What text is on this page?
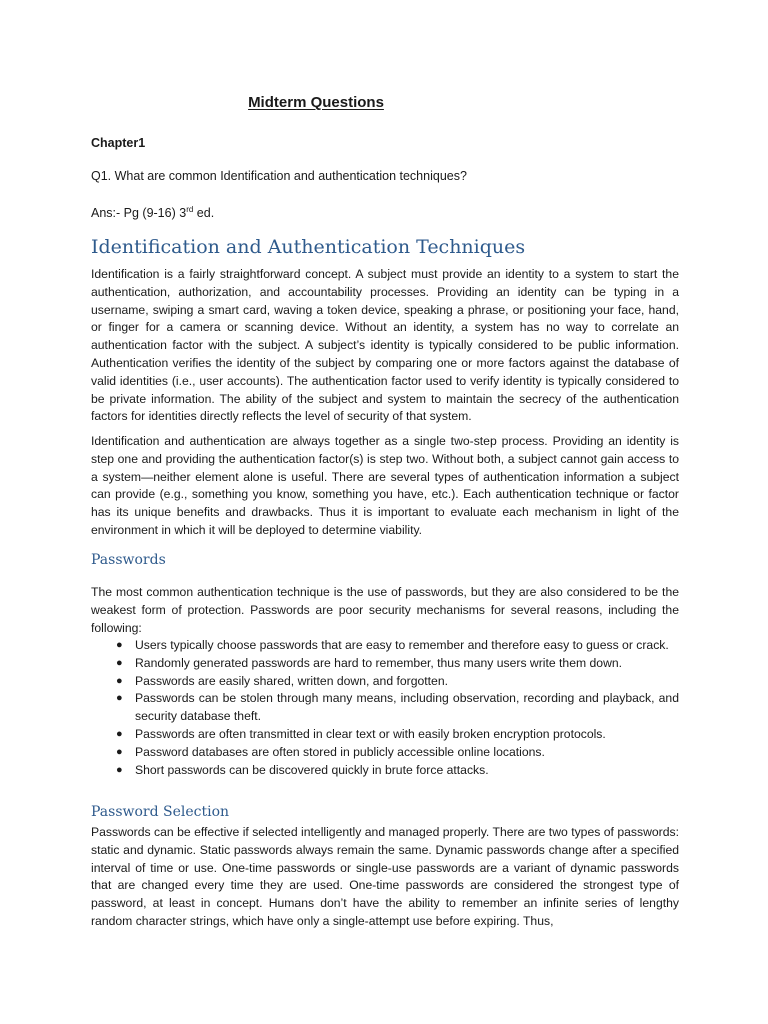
Midterm Questions
Chapter1
Q1. What are common Identification and authentication techniques?
Ans:- Pg (9-16) 3rd ed.
Identification and Authentication Techniques

Identification is a fairly straightforward concept. A subject must provide an identity to a system to start the authentication, authorization, and accountability processes. Providing an identity can be typing in a username, swiping a smart card, waving a token device, speaking a phrase, or positioning your face, hand, or finger for a camera or scanning device. Without an identity, a system has no way to correlate an authentication factor with the subject. A subject’s identity is typically considered to be public information. Authentication verifies the identity of the subject by comparing one or more factors against the database of valid identities (i.e., user accounts). The authentication factor used to verify identity is typically considered to be private information. The ability of the subject and system to maintain the secrecy of the authentication factors for identities directly reflects the level of security of that system.

Identification and authentication are always together as a single two-step process. Providing an identity is step one and providing the authentication factor(s) is step two. Without both, a subject cannot gain access to a system—neither element alone is useful. There are several types of authentication information a subject can provide (e.g., something you know, something you have, etc.). Each authentication technique or factor has its unique benefits and drawbacks. Thus it is important to evaluate each mechanism in light of the environment in which it will be deployed to determine viability.

Passwords

The most common authentication technique is the use of passwords, but they are also considered to be the weakest form of protection. Passwords are poor security mechanisms for several reasons, including the following:

● Users typically choose passwords that are easy to remember and therefore easy to guess or crack.
● Randomly generated passwords are hard to remember, thus many users write them down.
● Passwords are easily shared, written down, and forgotten.
● Passwords can be stolen through many means, including observation, recording and playback, and security database theft.
● Passwords are often transmitted in clear text or with easily broken encryption protocols.
● Password databases are often stored in publicly accessible online locations.
● Short passwords can be discovered quickly in brute force attacks.
Password Selection

Passwords can be effective if selected intelligently and managed properly. There are two types of passwords: static and dynamic. Static passwords always remain the same. Dynamic passwords change after a specified interval of time or use. One-time passwords or single-use passwords are a variant of dynamic passwords that are changed every time they are used. One-time passwords are considered the strongest type of password, at least in concept. Humans don’t have the ability to remember an infinite series of lengthy random character strings, which have only a single-attempt use before expiring. Thus,
